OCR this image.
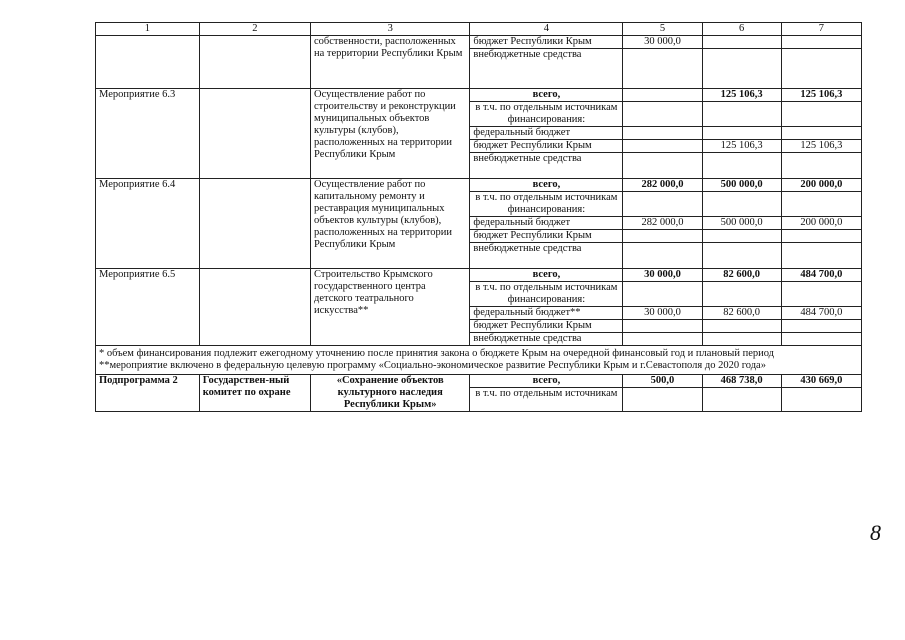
1	2	3	4	5	6	7
		собственности, расположенных на территории Республики Крым	бюджет Республики Крым	30 000,0		
			внебюджетные средства			
Мероприятие 6.3		Осуществление работ по строительству и реконструкции муниципальных объектов культуры (клубов), расположенных на территории Республики Крым	всего,		125 106,3	125 106,3
			в т.ч. по отдельным источникам финансирования:			
			федеральный бюджет			
			бюджет Республики Крым		125 106,3	125 106,3
			внебюджетные средства			
Мероприятие 6.4		Осуществление работ по капитальному ремонту и реставрация муниципальных объектов культуры (клубов), расположенных на территории Республики Крым	всего,	282 000,0	500 000,0	200 000,0
			в т.ч. по отдельным источникам финансирования:			
			федеральный бюджет	282 000,0	500 000,0	200 000,0
			бюджет Республики Крым			
			внебюджетные средства			
Мероприятие 6.5		Строительство Крымского государственного центра детского театрального искусства**	всего,	30 000,0	82 600,0	484 700,0
			в т.ч. по отдельным источникам финансирования:			
			федеральный бюджет**	30 000,0	82 600,0	484 700,0
			бюджет Республики Крым			
			внебюджетные средства			

* объем финансирования подлежит ежегодному уточнению после принятия закона о бюджете Крым на очередной финансовый год и плановый период
**мероприятие включено в федеральную целевую программу «Социально-экономическое развитие Республики Крым и г.Севастополя до 2020 года»						

Подпрограмма 2	Государствен-ный комитет по охране	«Сохранение объектов культурного наследия Республики Крым»	всего,	500,0	468 738,0	430 669,0
			в т.ч. по отдельным источникам			
8
